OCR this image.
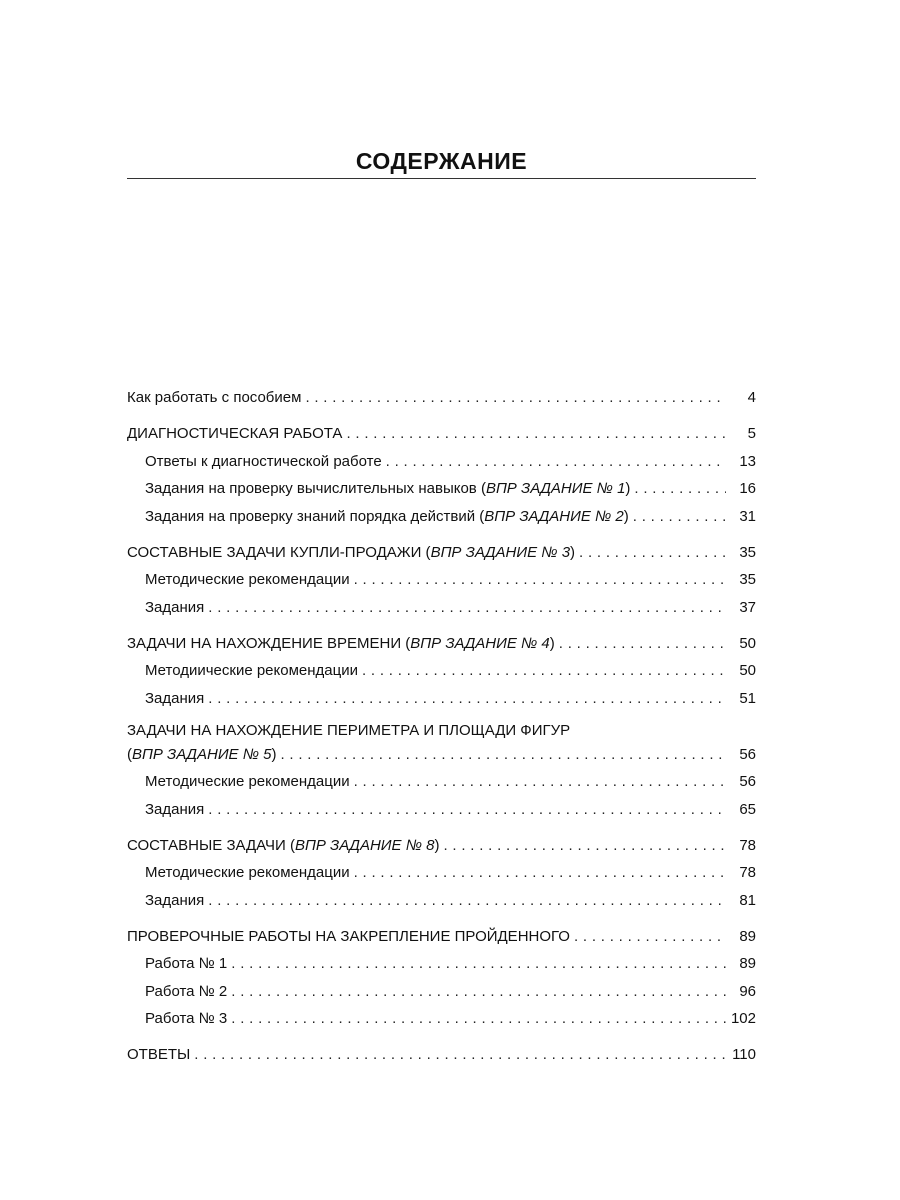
СОДЕРЖАНИЕ
Как работать с пособием . . .	4
ДИАГНОСТИЧЕСКАЯ РАБОТА . . .	5
Ответы к диагностической работе . . .	13
Задания на проверку вычислительных навыков (ВПР ЗАДАНИЕ № 1) . . .	16
Задания на проверку знаний порядка действий (ВПР ЗАДАНИЕ № 2) . . .	31
СОСТАВНЫЕ ЗАДАЧИ КУПЛИ-ПРОДАЖИ (ВПР ЗАДАНИЕ № 3) . . .	35
Методические рекомендации . . .	35
Задания . . .	37
ЗАДАЧИ НА НАХОЖДЕНИЕ ВРЕМЕНИ (ВПР ЗАДАНИЕ № 4) . . .	50
Методиические рекомендации . . .	50
Задания . . .	51
ЗАДАЧИ НА НАХОЖДЕНИЕ ПЕРИМЕТРА И ПЛОЩАДИ ФИГУР
(ВПР ЗАДАНИЕ № 5) . . .	56
Методические рекомендации . . .	56
Задания . . .	65
СОСТАВНЫЕ ЗАДАЧИ (ВПР ЗАДАНИЕ № 8) . . .	78
Методические рекомендации . . .	78
Задания . . .	81
ПРОВЕРОЧНЫЕ РАБОТЫ НА ЗАКРЕПЛЕНИЕ ПРОЙДЕННОГО . . .	89
Работа № 1 . . .	89
Работа № 2 . . .	96
Работа № 3 . . .	102
ОТВЕТЫ . . .	110
